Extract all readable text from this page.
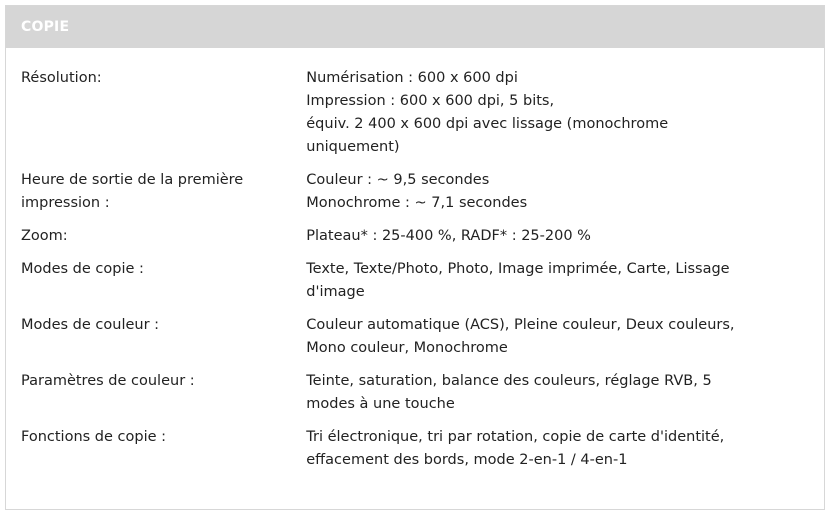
COPIE
Résolution:	Numérisation : 600 x 600 dpi
Impression : 600 x 600 dpi, 5 bits,
équiv. 2 400 x 600 dpi avec lissage (monochrome
uniquement)

Heure de sortie de la première impression :	Couleur : ~ 9,5 secondes
Monochrome : ~ 7,1 secondes

Zoom:	Plateau* : 25-400 %, RADF* : 25-200 %

Modes de copie :	Texte, Texte/Photo, Photo, Image imprimée, Carte, Lissage
d'image

Modes de couleur :	Couleur automatique (ACS), Pleine couleur, Deux couleurs,
Mono couleur, Monochrome

Paramètres de couleur :	Teinte, saturation, balance des couleurs, réglage RVB, 5
modes à une touche

Fonctions de copie :	Tri électronique, tri par rotation, copie de carte d'identité,
effacement des bords, mode 2-en-1 / 4-en-1
